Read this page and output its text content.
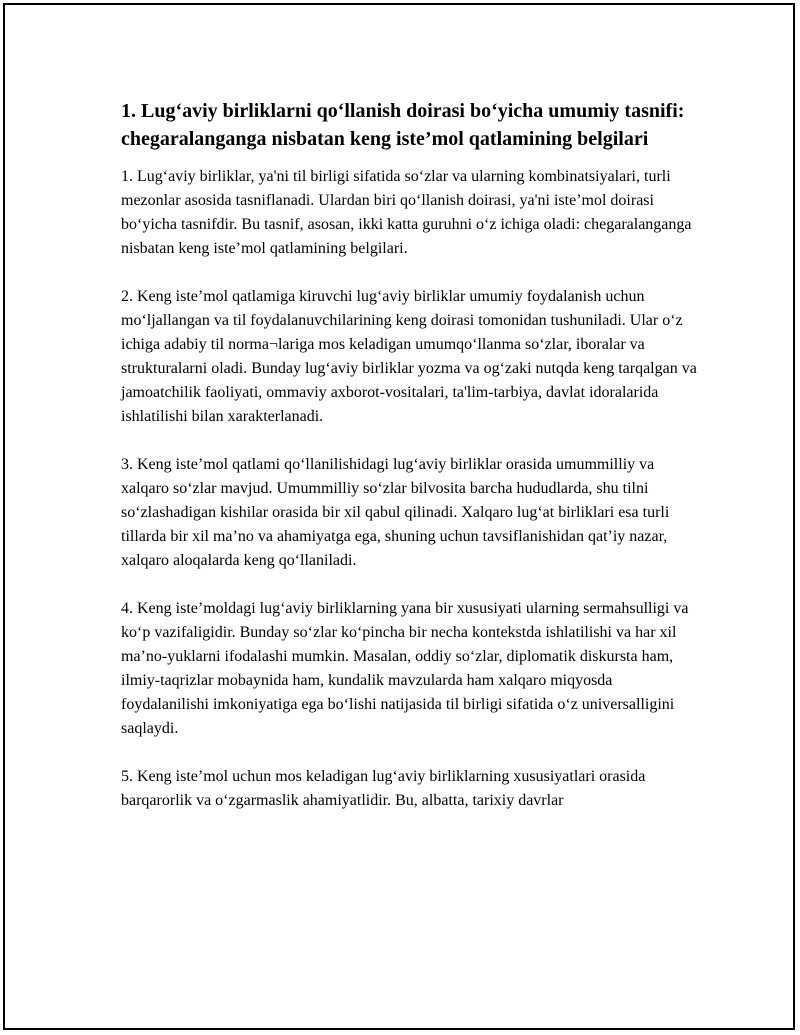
1. Lug‘aviy birliklarni qo‘llanish doirasi bo‘yicha umumiy tasnifi: chegaralanganga nisbatan keng iste’mol qatlamining belgilari

1. Lug‘aviy birliklar, ya'ni til birligi sifatida so‘zlar va ularning kombinatsiyalari, turli mezonlar asosida tasniflanadi. Ulardan biri qo‘llanish doirasi, ya'ni iste’mol doirasi bo‘yicha tasnifdir. Bu tasnif, asosan, ikki katta guruhni o‘z ichiga oladi: chegaralanganga nisbatan keng iste’mol qatlamining belgilari.

2. Keng iste’mol qatlamiga kiruvchi lug‘aviy birliklar umumiy foydalanish uchun mo‘ljallangan va til foydalanuvchilarining keng doirasi tomonidan tushuniladi. Ular o‘z ichiga adabiy til norma¬lariga mos keladigan umumqo‘llanma so‘zlar, iboralar va strukturalarni oladi. Bunday lug‘aviy birliklar yozma va og‘zaki nutqda keng tarqalgan va jamoatchilik faoliyati, ommaviy axborot-vositalari, ta'lim-tarbiya, davlat idoralarida ishlatilishi bilan xarakterlanadi.

3. Keng iste’mol qatlami qo‘llanilishidagi lug‘aviy birliklar orasida umummilliy va xalqaro so‘zlar mavjud. Umummilliy so‘zlar bilvosita barcha hududlarda, shu tilni so‘zlashadigan kishilar orasida bir xil qabul qilinadi. Xalqaro lug‘at birliklari esa turli tillarda bir xil ma’no va ahamiyatga ega, shuning uchun tavsiflanishidan qat’iy nazar, xalqaro aloqalarda keng qo‘llaniladi.

4. Keng iste’moldagi lug‘aviy birliklarning yana bir xususiyati ularning sermahsulligi va ko‘p vazifaligidir. Bunday so‘zlar ko‘pincha bir necha kontekstda ishlatilishi va har xil ma’no-yuklarni ifodalashi mumkin. Masalan, oddiy so‘zlar, diplomatik diskursta ham, ilmiy-taqrizlar mobaynida ham, kundalik mavzularda ham xalqaro miqyosda foydalanilishi imkoniyatiga ega bo‘lishi natijasida til birligi sifatida o‘z universalligini saqlaydi.

5. Keng iste’mol uchun mos keladigan lug‘aviy birliklarning xususiyatlari orasida barqarorlik va o‘zgarmaslik ahamiyatlidir. Bu, albatta, tarixiy davrlar
